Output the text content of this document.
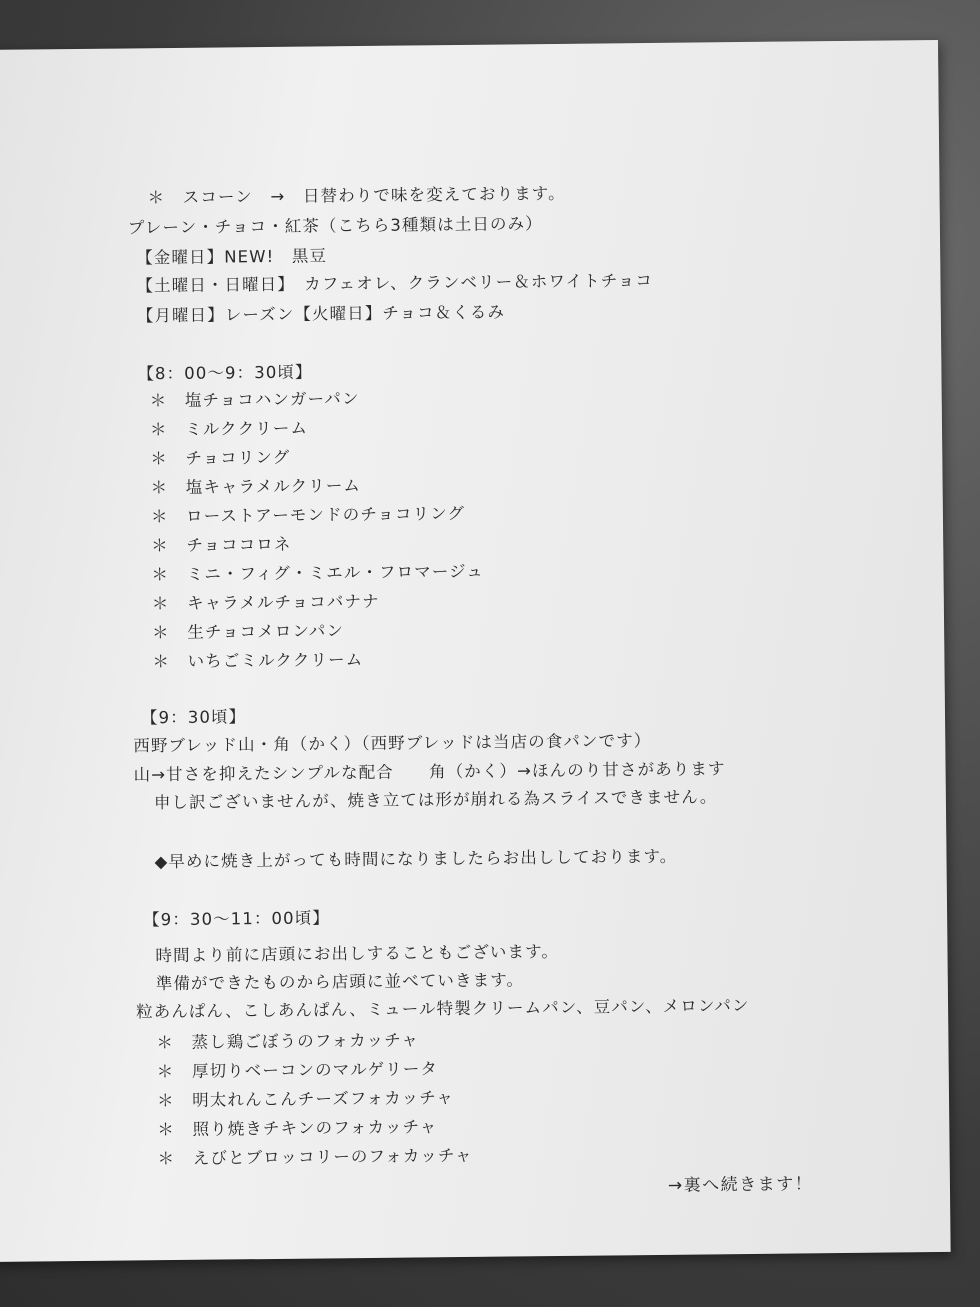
＊　スコーン　→　日替わりで味を変えております。
プレーン・チョコ・紅茶（こちら3種類は土日のみ）
【金曜日】NEW!　黒豆
【土曜日・日曜日】　カフェオレ、クランベリー＆ホワイトチョコ
【月曜日】レーズン【火曜日】チョコ＆くるみ
【8：00〜9：30頃】
＊　塩チョコハンガーパン
＊　ミルククリーム
＊　チョコリング
＊　塩キャラメルクリーム
＊　ローストアーモンドのチョコリング
＊　チョココロネ
＊　ミニ・フィグ・ミエル・フロマージュ
＊　キャラメルチョコバナナ
＊　生チョコメロンパン
＊　いちごミルククリーム
【9：30頃】
西野ブレッド山・角（かく）（西野ブレッドは当店の食パンです）
山→甘さを抑えたシンプルな配合　　角（かく）→ほんのり甘さがあります
申し訳ございませんが、焼き立ては形が崩れる為スライスできません。
◆早めに焼き上がっても時間になりましたらお出ししております。
【9：30〜11：00頃】
時間より前に店頭にお出しすることもございます。
準備ができたものから店頭に並べていきます。
粒あんぱん、こしあんぱん、ミュール特製クリームパン、豆パン、メロンパン
＊　蒸し鶏ごぼうのフォカッチャ
＊　厚切りベーコンのマルゲリータ
＊　明太れんこんチーズフォカッチャ
＊　照り焼きチキンのフォカッチャ
＊　えびとブロッコリーのフォカッチャ
→裏へ続きます！
